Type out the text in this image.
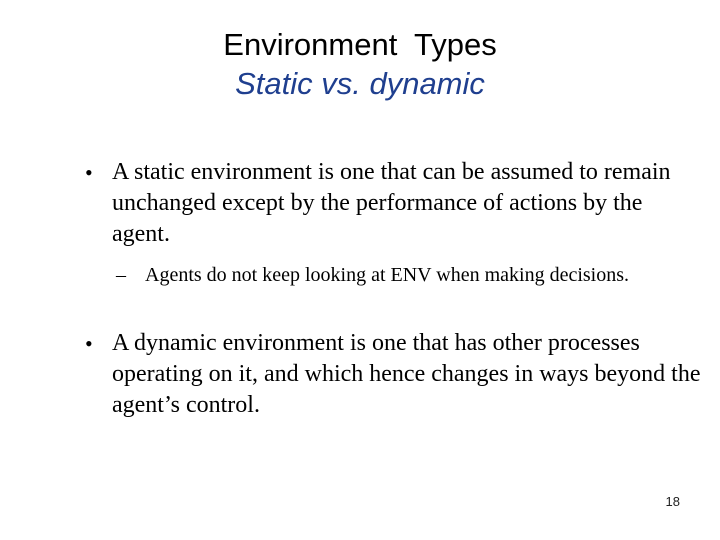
Environment  Types
Static vs. dynamic
• A static environment is one that can be assumed to remain unchanged except by the performance of actions by the agent.
– Agents do not keep looking at ENV when making decisions.
• A dynamic environment is one that has other processes operating on it, and which hence changes in ways beyond the agent’s control.
18
